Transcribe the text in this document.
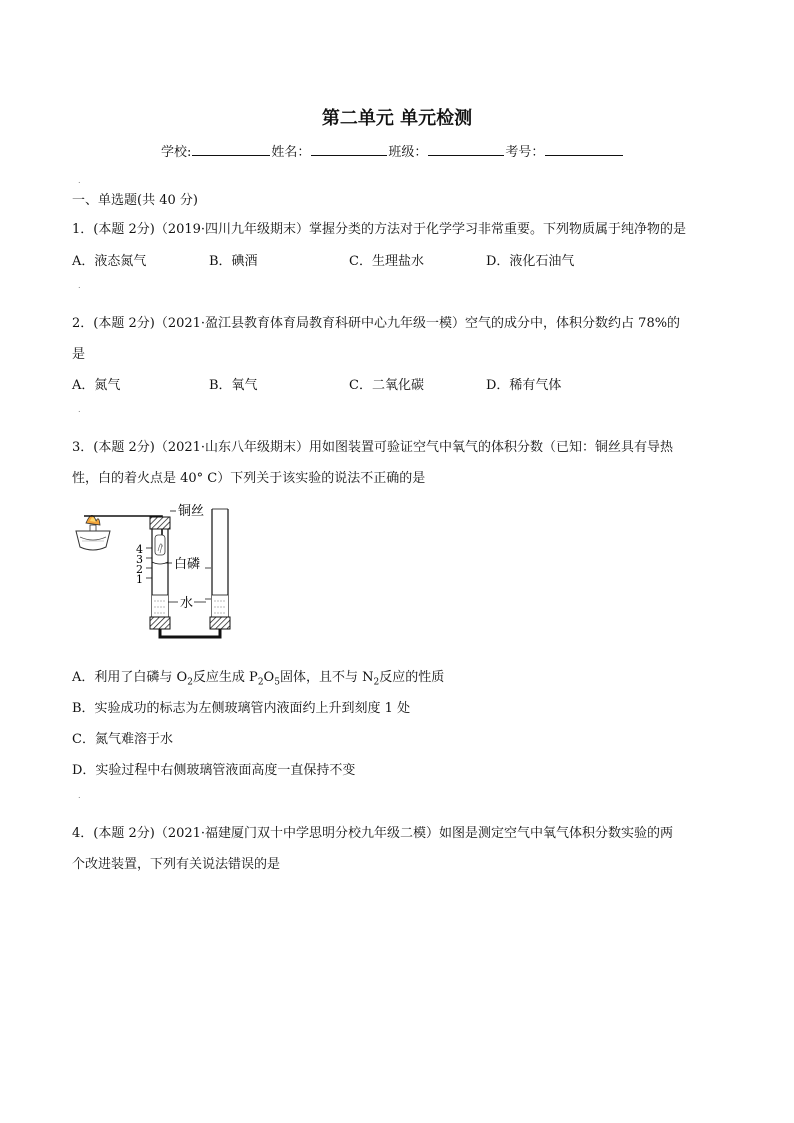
第二单元 单元检测
学校:	姓名：	班级：	考号：
.
一、单选题(共 40 分)
1．(本题 2分)（2019·四川九年级期末）掌握分类的方法对于化学学习非常重要。下列物质属于纯净物的是
A．液态氮气	B．碘酒	C．生理盐水	D．液化石油气
.
2．(本题 2分)（2021·盈江县教育体育局教育科研中心九年级一模）空气的成分中，体积分数约占 78%的
是
A．氮气	B．氧气	C．二氧化碳	D．稀有气体
.
3．(本题 2分)（2021·山东八年级期末）用如图装置可验证空气中氧气的体积分数（已知：铜丝具有导热
性，白的着火点是 40° C）下列关于该实验的说法不正确的是
4
3
2
1
铜丝
白磷
水
A．利用了白磷与 $O_2$反应生成 $P_2O_5$固体，且不与 $N_2$反应的性质
B．实验成功的标志为左侧玻璃管内液面约上升到刻度 1 处
C．氮气难溶于水
D．实验过程中右侧玻璃管液面高度一直保持不变
.
4．(本题 2分)（2021·福建厦门双十中学思明分校九年级二模）如图是测定空气中氧气体积分数实验的两
个改进装置，下列有关说法错误的是
